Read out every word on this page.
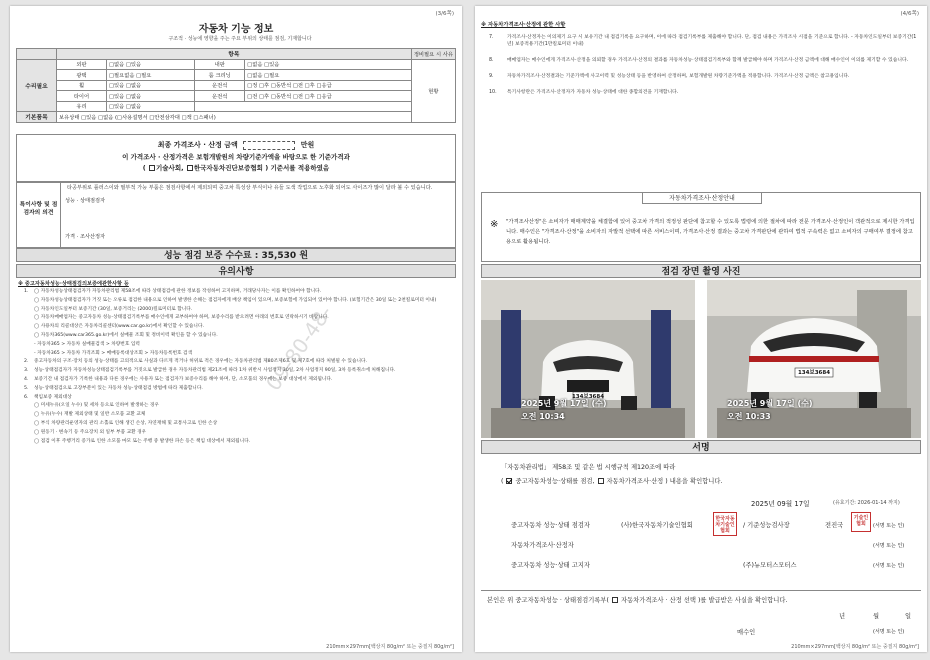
(3/6쪽)
자동차 기능 정보
구조적 · 성능에 영향을 주는 주요 부위의 상태를 점검, 기재합니다
	항목				정비필요 시 사유
수리필요	외판	□없음 □있음	내판	□없음 □있음	현황
	광택	□필요없음 □필요	룸 크리닝	□없음 □필요	
	휠	□있음 □없음	운전석	□정 □후 □동반석 □전 □후 □응급	
	타이어	□있음 □없음	운전석	□전 □후 □동반석 □전 □후 □응급	
	유리	□있음 □없음			
기본품목	보유상태 □있음 □없음 (□사용설명서 □안전삼각대 □잭 □스패너)				
최종 가격조사 · 산정 금액	만원
이 가격조사 · 산정가격은 보험개발원의 차량기준가액을 바탕으로 한 기준가격과
( 기술사회, 한국자동차진단보증협회 ) 기준서를 적용하였음
특이사항 및 점검자의 의견
타공부위로 플러스이와 필부적 가능 부품은 점검사항에서 제외되며 중고차 특성상 부식이나 유들 도색 작업으로 노후화 되어도 사이즈가 많이 달라 볼 수 있습니다.
성능 · 상태점검자
가격 · 조사산정자
성능 점검 보증 수수료 : 35,530 원
유의사항
※ 중고자동차성능·상태점검의보증에관한사항 등
1.	◯ 자동차성능상태점검자가 자동차관리법 제58조에 따라 상태점검에 관한 정보를 작성하여 고지하며, 거래당사자는 이를 확인하여야 합니다.
◯ 자동차성능상태점검자가 거짓 또는 오류로 점검한 내용으로 인하여 발생한 손해는 점검자에게 배상 책임이 있으며, 보증보험에 가입되어 있어야 합니다. (보험기간은 30일 또는 2천킬로미터 이내)
◯ 자동차인도일부터 보증기간 (30일, 보증거리는 (2000)킬로미터로 합니다.
◯ 자동차매매업자는 중고자동차 성능·상태점검기록부를 매수인에게 교부하여야 하며, 보증수리를 받으려면 아래의 번호로 연락하시기 바랍니다.
◯ 사용차의 리콜대상은 자동차리콜센터(www.car.go.kr)에서 확인할 수 있습니다.
◯ 자동차365(www.car365.go.kr)에서 실매물 조회 및 정비이력 확인을 할 수 있습니다.
- 자동차365 > 자동차 실매물검색 > 차량번호 입력
- 자동차365 > 자동차 가격조회 > 매매등록대상조회 > 자동차등록번호 검색
2.	중고자동차의 구조·장치 등의 성능·상태를 고의적으로 사실과 다르게 적거나 허위로 적은 경우에는 자동차관리법 제80조제6호 및 제7호에 따라 처벌될 수 있습니다.
3.	성능·상태점검자가 자동차성능상태점검기록부를 거짓으로 발급한 경우 자동차관리법 제21조에 따라 1차 위반시 사업정지 30일, 2차 사업정지 90일, 3차 등록취소에 처해집니다.
4.	보증기간 내 점검자가 기록한 내용과 다른 경우에는 사용자 또는 점검자가 보증수리를 해야 하며, 단, 소모품의 경우에는 보증 대상에서 제외됩니다.
5.	성능·상태점검으로 고장부분이 있는 자동차 성능·상태점검 방법에 따라 제출합니다.
6.	책임보증 제외대상
◯ 미세누유(오일 누수) 및 세차 등으로 인하여 발생하는 경우
◯ 누유(누수) 재발 제외상태 및 일반 소모품 교환 교체
◯ 부식 차량관리운영자의 관리 소홀로 인해 생긴 손상, 자연재해 및 교통사고로 인한 손상
◯ 원동기 · 변속기 등 주요장치 외 일부 부품 교환 경우
◯ 점검 이후 주행거리 증가로 인한 소모품 마모 또는 주행 중 발생한 파손 등은 책임 대상에서 제외됩니다.
09-80-48-
210mm×297mm[백상지 80g/m² 또는 중질지 80g/m²]
(4/6쪽)
※ 자동차가격조사·산정에 관한 사항
7.	가격조사·산정자는 이의제기 요구 시 보유기간 내 점검기록을 요구하며, 이에 따라 점검기록부를 제출해야 합니다. 단, 점검 내용은 가격조사 시점을 기준으로 합니다. - 자동차인도일부터 보증기간(1년) 보증적용기간(1만킬로미터 이내)
8.	매매업자는 매수인에게 가격조사·산정을 의뢰할 경우 가격조사·산정의 결과를 자동차성능·상태점검기록부와 함께 발급해야 하며 가격조사·산정 금액에 대해 매수인이 이의를 제기할 수 있습니다.
9.	자동차가격조사·산정결과는 기준가액에 사고이력 및 성능상태 등을 반영하여 산정하며, 보험개발원 차량기준가액을 적용합니다. 가격조사·산정 금액은 참고용입니다.
10.	특기사항란은 가격조사·산정자가 자동차 성능·상태에 대한 종합의견을 기재합니다.
자동차가격조사·산정안내
※ "가격조사산정"은 소비자가 매매계약을 체결함에 있어 중고차 가격의 적정성 판단에 참고할 수 있도록 법령에 의한 절차에 따라 전문 가격조사·산정인이 객관적으로 제시한 가격입니다. 매수인은 "가격조사·산정"을 소비자의 자발적 선택에 따른 서비스이며, 가격조사·산정 결과는 중고차 가격판단에 관하여 법적 구속력은 없고 소비자의 구매여부 결정에 참고용으로 활용됩니다.
점검 장면 촬영 사진
2025년 9월 17일 (수)
오전 10:34
134보3684
2025년 9월 17일 (수)
오전 10:33
134보3684
서명
「자동차관리법」 제58조 및 같은 법 시행규칙 제120조에 따라
(  중고자동차성능·상태를 점검,  자동차가격조사·산정 ) 내용을 확인합니다.
2025년 09월 17일	(유효기간: 2026-01-14 까지)
중고자동차 성능·상태 점검자	(사)한국자동차기술인협회
한국자동차기술인협회
/ 기준성능검사장	전진국
기술인협회	(서명 또는 인)
자동차가격조사·산정자	(서명 또는 인)
중고자동차 성능·상태 고지자	(주)뉴모터스모터스	(서명 또는 인)
본인은 위 중고자동차성능 · 상태점검기록부( 자동차가격조사 · 산정 선택 )를 발급받은 사실을 확인합니다.
년	월	일
매수인	(서명 또는 인)
210mm×297mm[백상지 80g/m² 또는 중질지 80g/m²]
